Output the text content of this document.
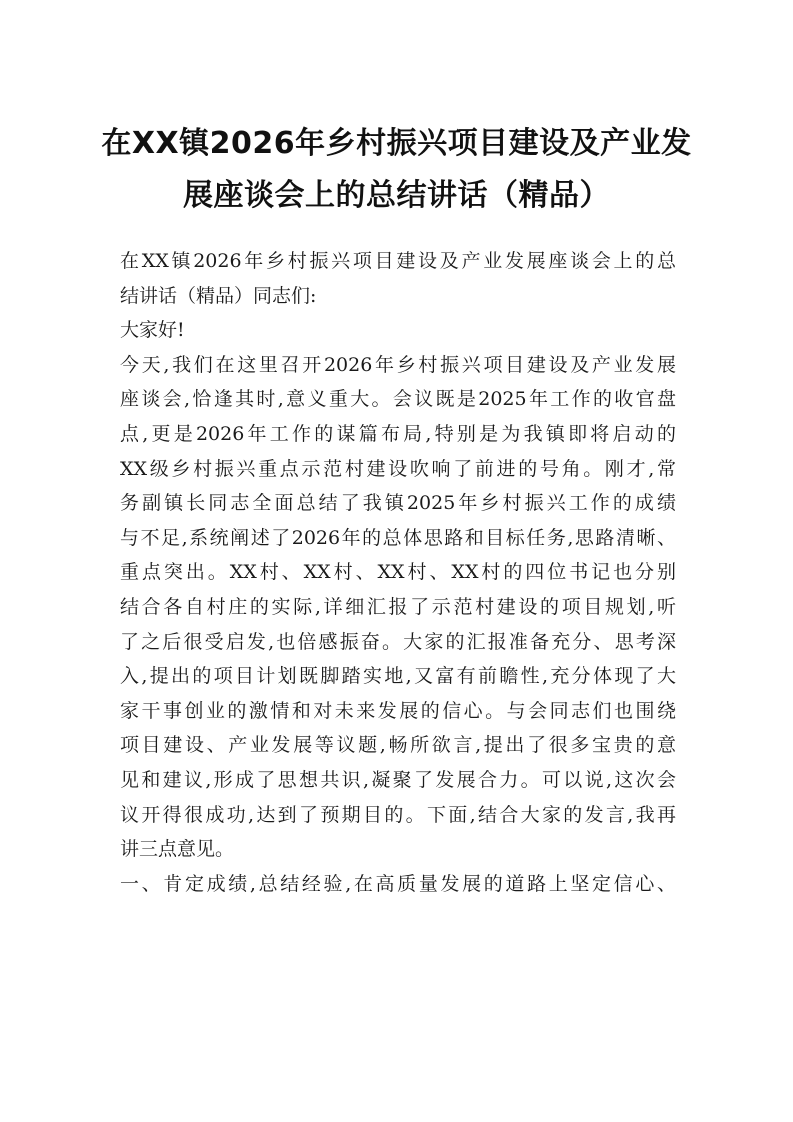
在XX镇2026年乡村振兴项目建设及产业发
展座谈会上的总结讲话（精品）
在XX镇2026年乡村振兴项目建设及产业发展座谈会上的总
结讲话（精品）同志们:
大家好!
今天,我们在这里召开2026年乡村振兴项目建设及产业发展
座谈会,恰逢其时,意义重大。会议既是2025年工作的收官盘
点,更是2026年工作的谋篇布局,特别是为我镇即将启动的
XX级乡村振兴重点示范村建设吹响了前进的号角。刚才,常
务副镇长同志全面总结了我镇2025年乡村振兴工作的成绩
与不足,系统阐述了2026年的总体思路和目标任务,思路清晰、
重点突出。XX村、XX村、XX村、XX村的四位书记也分别
结合各自村庄的实际,详细汇报了示范村建设的项目规划,听
了之后很受启发,也倍感振奋。大家的汇报准备充分、思考深
入,提出的项目计划既脚踏实地,又富有前瞻性,充分体现了大
家干事创业的激情和对未来发展的信心。与会同志们也围绕
项目建设、产业发展等议题,畅所欲言,提出了很多宝贵的意
见和建议,形成了思想共识,凝聚了发展合力。可以说,这次会
议开得很成功,达到了预期目的。下面,结合大家的发言,我再
讲三点意见。
一、肯定成绩,总结经验,在高质量发展的道路上坚定信心、
